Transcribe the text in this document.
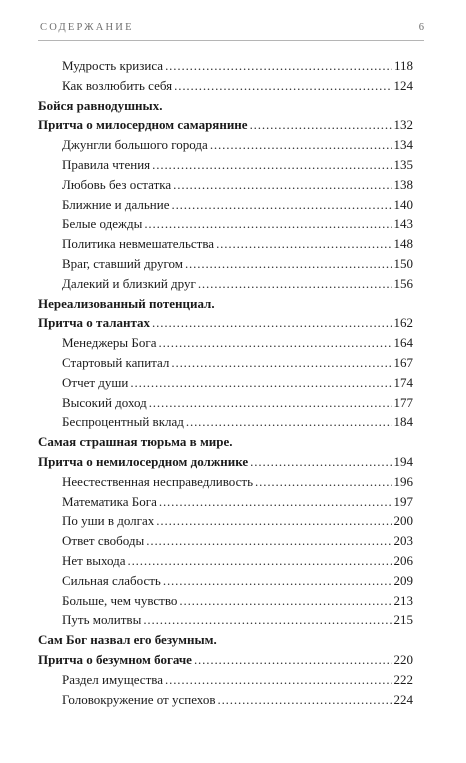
СОДЕРЖАНИЕ	6
Мудрость кризиса . . .	118
Как возлюбить себя . . .	124
Бойся равнодушных.
Притча о милосердном самарянине . . .	132
Джунгли большого города . . .	134
Правила чтения . . .	135
Любовь без остатка . . .	138
Ближние и дальние . . .	140
Белые одежды . . .	143
Политика невмешательства . . .	148
Враг, ставший другом . . .	150
Далекий и близкий друг . . .	156
Нереализованный потенциал.
Притча о талантах . . .	162
Менеджеры Бога . . .	164
Стартовый капитал . . .	167
Отчет души . . .	174
Высокий доход . . .	177
Беспроцентный вклад . . .	184
Самая страшная тюрьма в мире.
Притча о немилосердном должнике . . .	194
Неестественная несправедливость . . .	196
Математика Бога . . .	197
По уши в долгах . . .	200
Ответ свободы . . .	203
Нет выхода . . .	206
Сильная слабость . . .	209
Больше, чем чувство . . .	213
Путь молитвы . . .	215
Сам Бог назвал его безумным.
Притча о безумном богаче . . .	220
Раздел имущества . . .	222
Головокружение от успехов . . .	224
